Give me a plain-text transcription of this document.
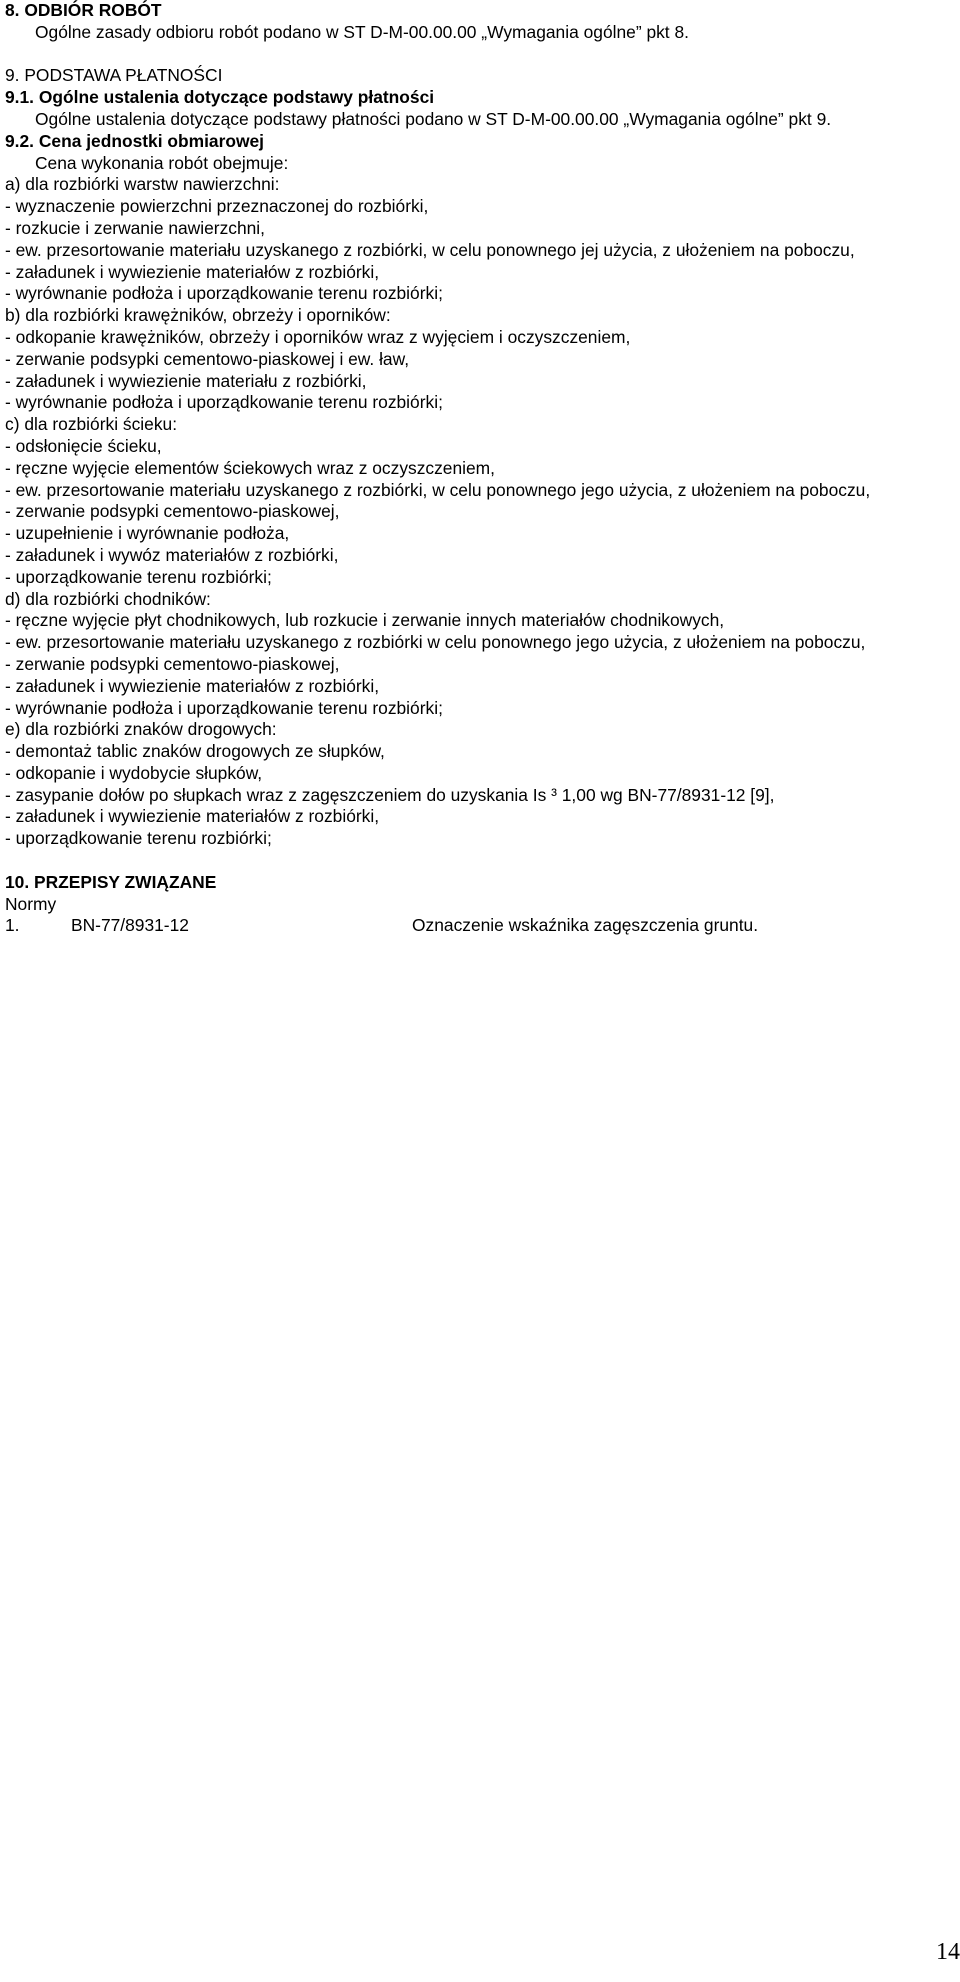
8. ODBIÓR ROBÓT
Ogólne zasady odbioru robót podano w ST D-M-00.00.00 „Wymagania ogólne” pkt 8.
9. PODSTAWA PŁATNOŚCI
9.1. Ogólne ustalenia dotyczące podstawy płatności
Ogólne ustalenia dotyczące podstawy płatności podano w ST D-M-00.00.00 „Wymagania ogólne” pkt 9.
9.2. Cena jednostki obmiarowej
Cena wykonania robót obejmuje:
a) dla rozbiórki warstw nawierzchni:
- wyznaczenie powierzchni przeznaczonej do rozbiórki,
- rozkucie i zerwanie nawierzchni,
- ew. przesortowanie materiału uzyskanego z rozbiórki, w celu ponownego jej użycia, z ułożeniem na poboczu,
- załadunek i wywiezienie materiałów z rozbiórki,
- wyrównanie podłoża i uporządkowanie terenu rozbiórki;
b) dla rozbiórki krawężników, obrzeży i oporników:
- odkopanie krawężników, obrzeży i oporników wraz z wyjęciem i oczyszczeniem,
- zerwanie podsypki cementowo-piaskowej i ew. ław,
- załadunek i wywiezienie materiału z rozbiórki,
- wyrównanie podłoża i uporządkowanie terenu rozbiórki;
c) dla rozbiórki ścieku:
- odsłonięcie ścieku,
- ręczne wyjęcie elementów ściekowych wraz z oczyszczeniem,
- ew. przesortowanie materiału uzyskanego z rozbiórki, w celu ponownego jego użycia, z ułożeniem na poboczu,
- zerwanie podsypki cementowo-piaskowej,
- uzupełnienie i wyrównanie podłoża,
- załadunek i wywóz materiałów z rozbiórki,
- uporządkowanie terenu rozbiórki;
d) dla rozbiórki chodników:
- ręczne wyjęcie płyt chodnikowych, lub rozkucie i zerwanie innych materiałów chodnikowych,
- ew. przesortowanie materiału uzyskanego z rozbiórki w celu ponownego jego użycia, z ułożeniem na poboczu,
- zerwanie podsypki cementowo-piaskowej,
- załadunek i wywiezienie materiałów z rozbiórki,
- wyrównanie podłoża i uporządkowanie terenu rozbiórki;
e) dla rozbiórki znaków drogowych:
- demontaż tablic znaków drogowych ze słupków,
- odkopanie i wydobycie słupków,
- zasypanie dołów po słupkach wraz z zagęszczeniem do uzyskania Is ³ 1,00 wg BN-77/8931-12 [9],
- załadunek i wywiezienie materiałów z rozbiórki,
- uporządkowanie terenu rozbiórki;
10. PRZEPISY ZWIĄZANE
Normy
1.	BN-77/8931-12	Oznaczenie wskaźnika zagęszczenia gruntu.
14
